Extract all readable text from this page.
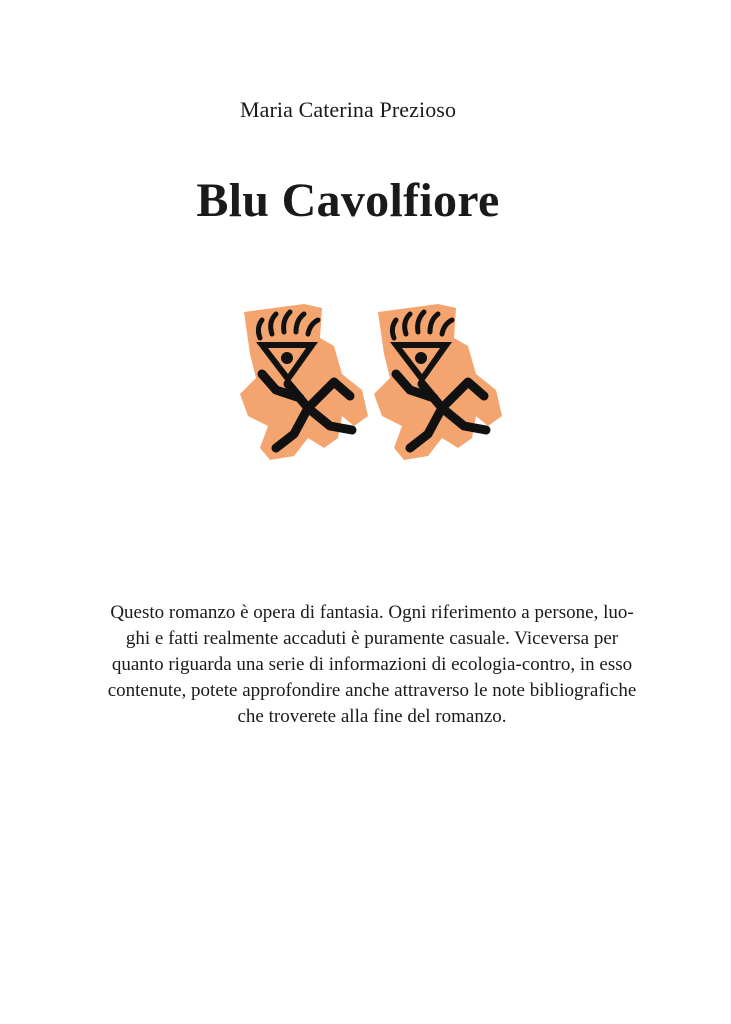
Maria Caterina Prezioso
Blu Cavolfiore
Questo romanzo è opera di fantasia. Ogni riferimento a persone, luo-
ghi e fatti realmente accaduti è puramente casuale. Viceversa per
quanto riguarda una serie di informazioni di ecologia-contro, in esso
contenute, potete approfondire anche attraverso le note bibliografiche
che troverete alla fine del romanzo.
